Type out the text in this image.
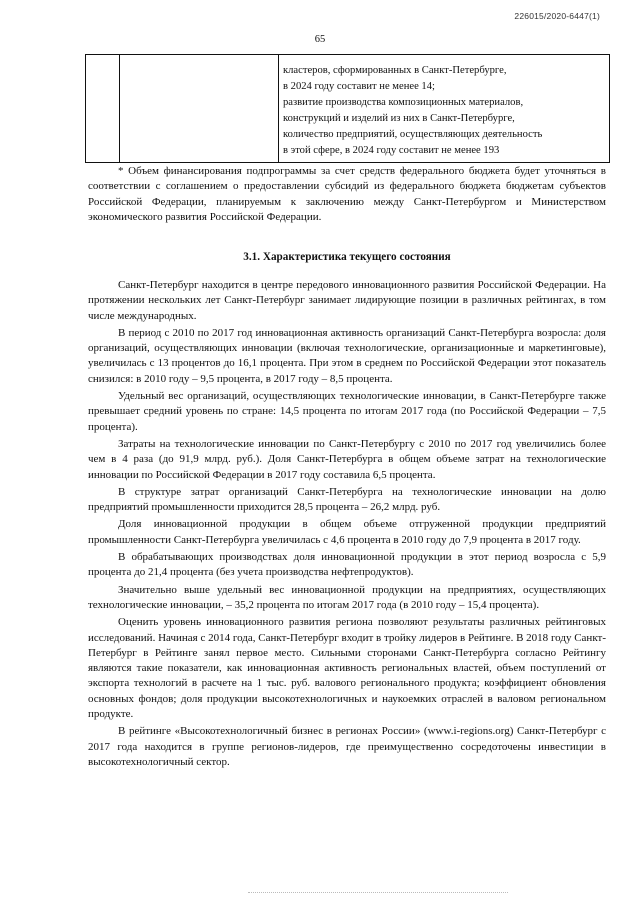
226015/2020-6447(1)
65

кластеров, сформированных в Санкт-Петербурге,
в 2024 году составит не менее 14;
развитие производства композиционных материалов,
конструкций и изделий из них в Санкт-Петербурге,
количество предприятий, осуществляющих деятельность
в этой сфере, в 2024 году составит не менее 193

* Объем финансирования подпрограммы за счет средств федерального бюджета будет уточняться в соответствии с соглашением о предоставлении субсидий из федерального бюджета бюджетам субъектов Российской Федерации, планируемым к заключению между Санкт-Петербургом и Министерством экономического развития Российской Федерации.

3.1. Характеристика текущего состояния

Санкт-Петербург находится в центре передового инновационного развития Российской Федерации. На протяжении нескольких лет Санкт-Петербург занимает лидирующие позиции в различных рейтингах, в том числе международных.

В период с 2010 по 2017 год инновационная активность организаций Санкт-Петербурга возросла: доля организаций, осуществляющих инновации (включая технологические, организационные и маркетинговые), увеличилась с 13 процентов до 16,1 процента. При этом в среднем по Российской Федерации этот показатель снизился: в 2010 году – 9,5 процента, в 2017 году – 8,5 процента.

Удельный вес организаций, осуществляющих технологические инновации, в Санкт-Петербурге также превышает средний уровень по стране: 14,5 процента по итогам 2017 года (по Российской Федерации – 7,5 процента).

Затраты на технологические инновации по Санкт-Петербургу с 2010 по 2017 год увеличились более чем в 4 раза (до 91,9 млрд. руб.). Доля Санкт-Петербурга в общем объеме затрат на технологические инновации по Российской Федерации в 2017 году составила 6,5 процента.

В структуре затрат организаций Санкт-Петербурга на технологические инновации на долю предприятий промышленности приходится 28,5 процента – 26,2 млрд. руб.

Доля инновационной продукции в общем объеме отгруженной продукции предприятий промышленности Санкт-Петербурга увеличилась с 4,6 процента в 2010 году до 7,9 процента в 2017 году.

В обрабатывающих производствах доля инновационной продукции в этот период возросла с 5,9 процента до 21,4 процента (без учета производства нефтепродуктов).

Значительно выше удельный вес инновационной продукции на предприятиях, осуществляющих технологические инновации, – 35,2 процента по итогам 2017 года (в 2010 году – 15,4 процента).

Оценить уровень инновационного развития региона позволяют результаты различных рейтинговых исследований. Начиная с 2014 года, Санкт-Петербург входит в тройку лидеров в Рейтинге. В 2018 году Санкт-Петербург в Рейтинге занял первое место. Сильными сторонами Санкт-Петербурга согласно Рейтингу являются такие показатели, как инновационная активность региональных властей, объем поступлений от экспорта технологий в расчете на 1 тыс. руб. валового регионального продукта; коэффициент обновления основных фондов; доля продукции высокотехнологичных и наукоемких отраслей в валовом региональном продукте.

В рейтинге «Высокотехнологичный бизнес в регионах России» (www.i-regions.org) Санкт-Петербург с 2017 года находится в группе регионов-лидеров, где преимущественно сосредоточены инвестиции в высокотехнологичный сектор.
